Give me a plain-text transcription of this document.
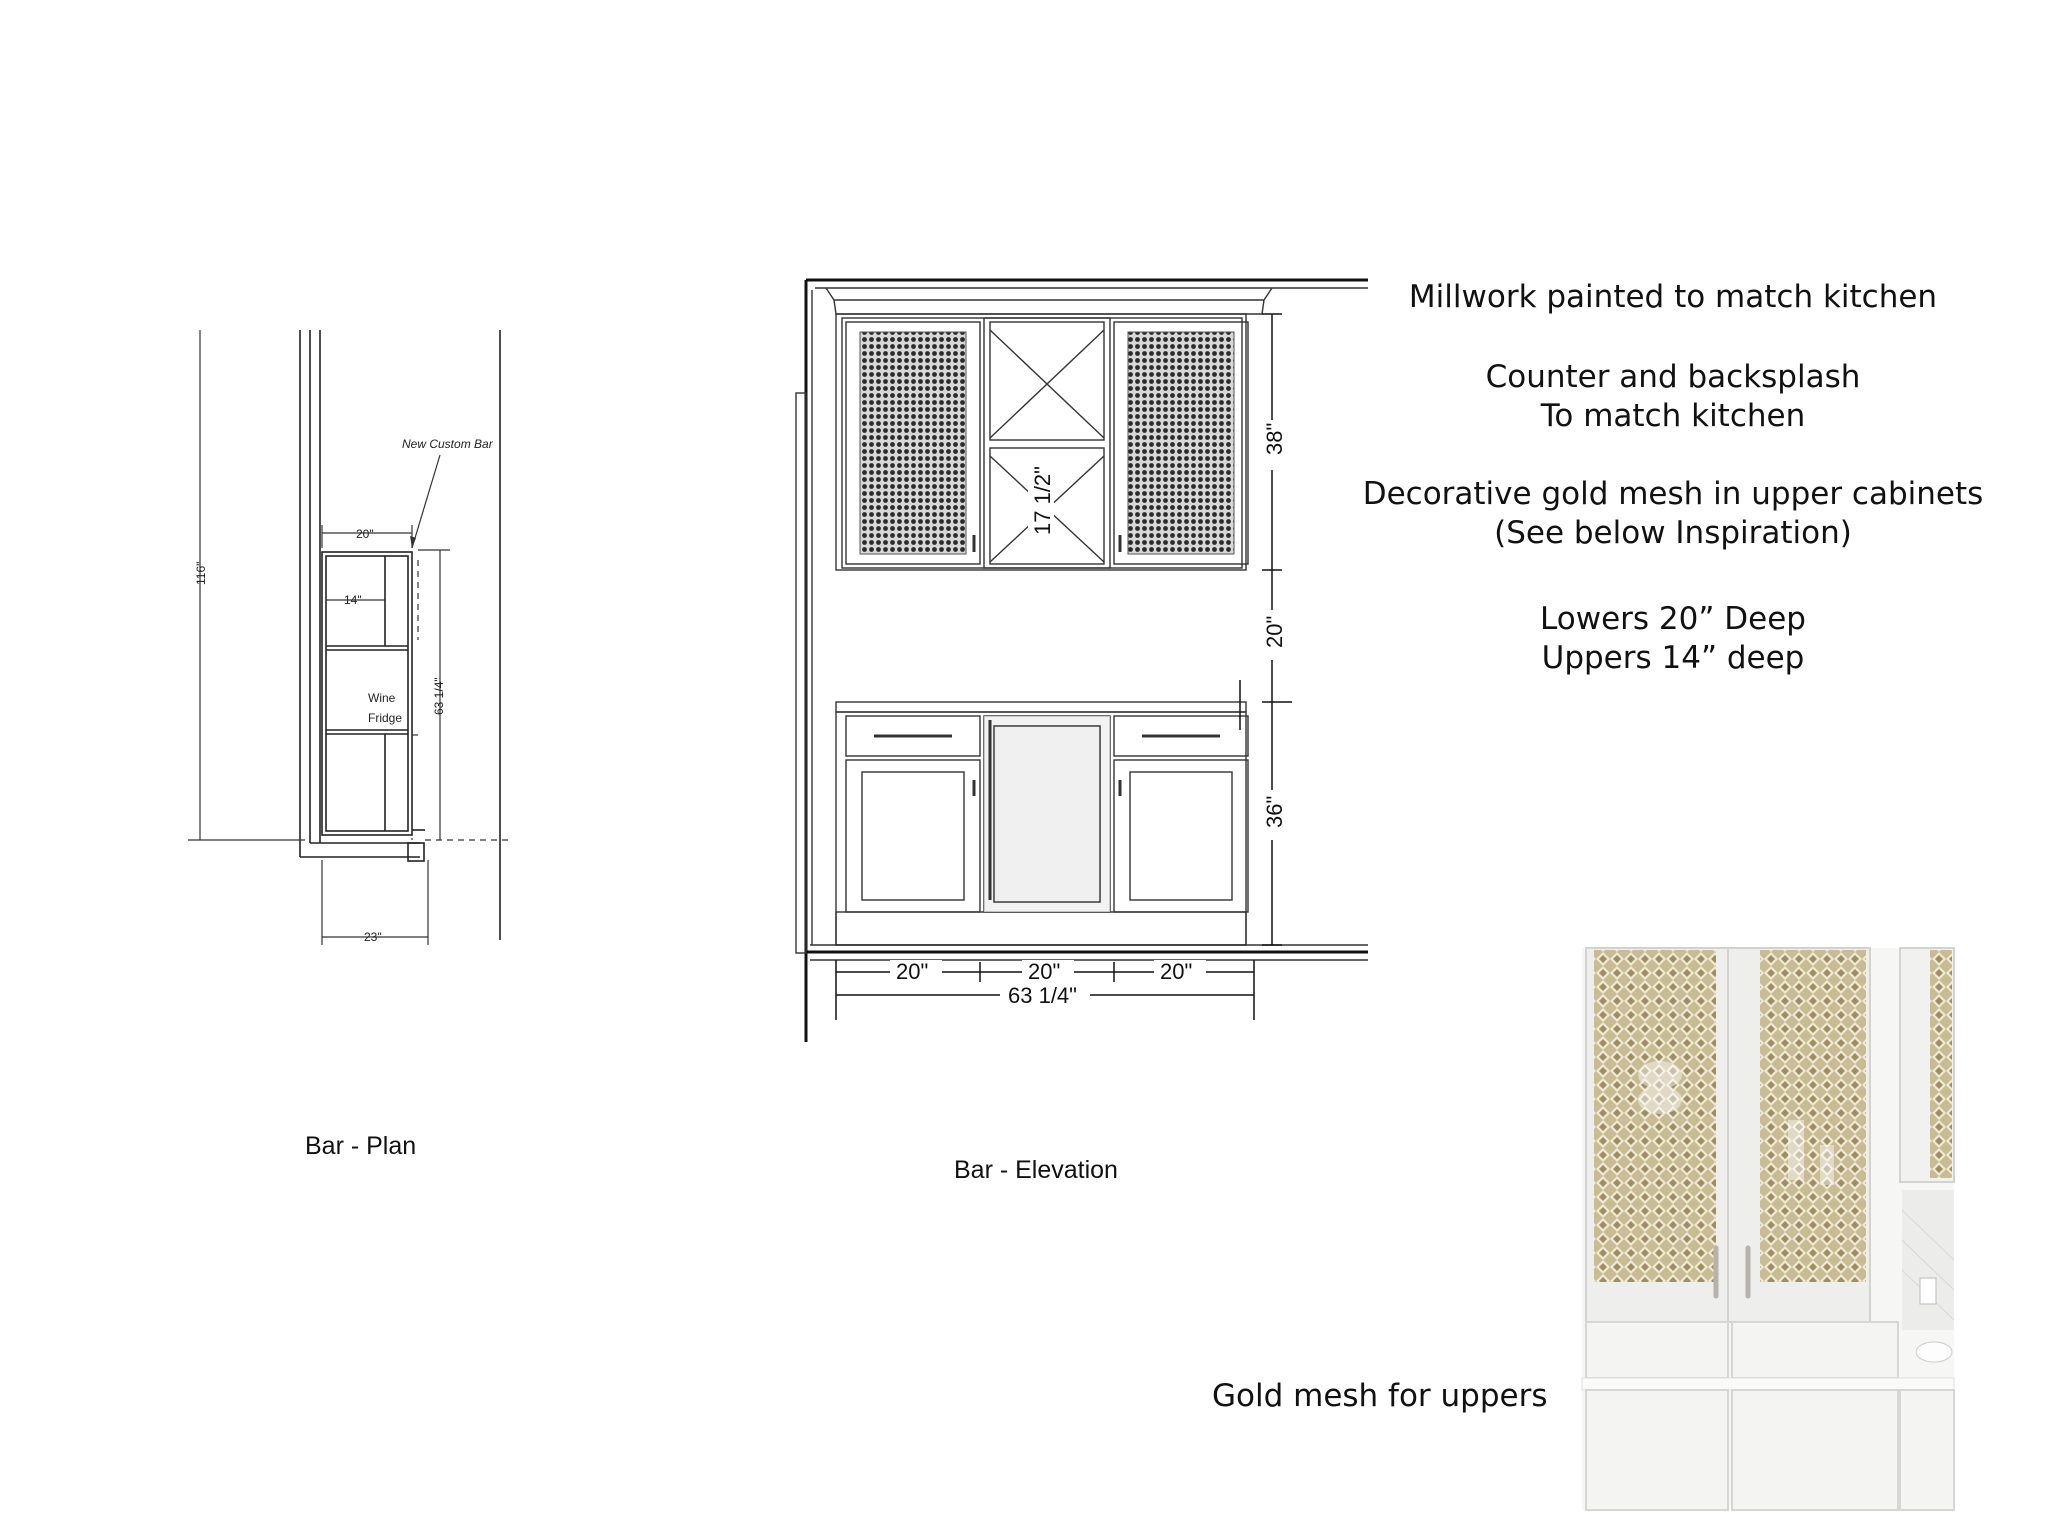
116"
20"
14"
63 1/4"
23"
New Custom Bar
Wine
Fridge
Bar - Plan
38"
20"
36"
17 1/2"
20"	20"	20"
63 1/4"
Bar - Elevation
Millwork painted to match kitchen
Counter and backsplash
To match kitchen
Decorative gold mesh in upper cabinets
(See below Inspiration)
Lowers 20” Deep
Uppers 14” deep
Gold mesh for uppers
